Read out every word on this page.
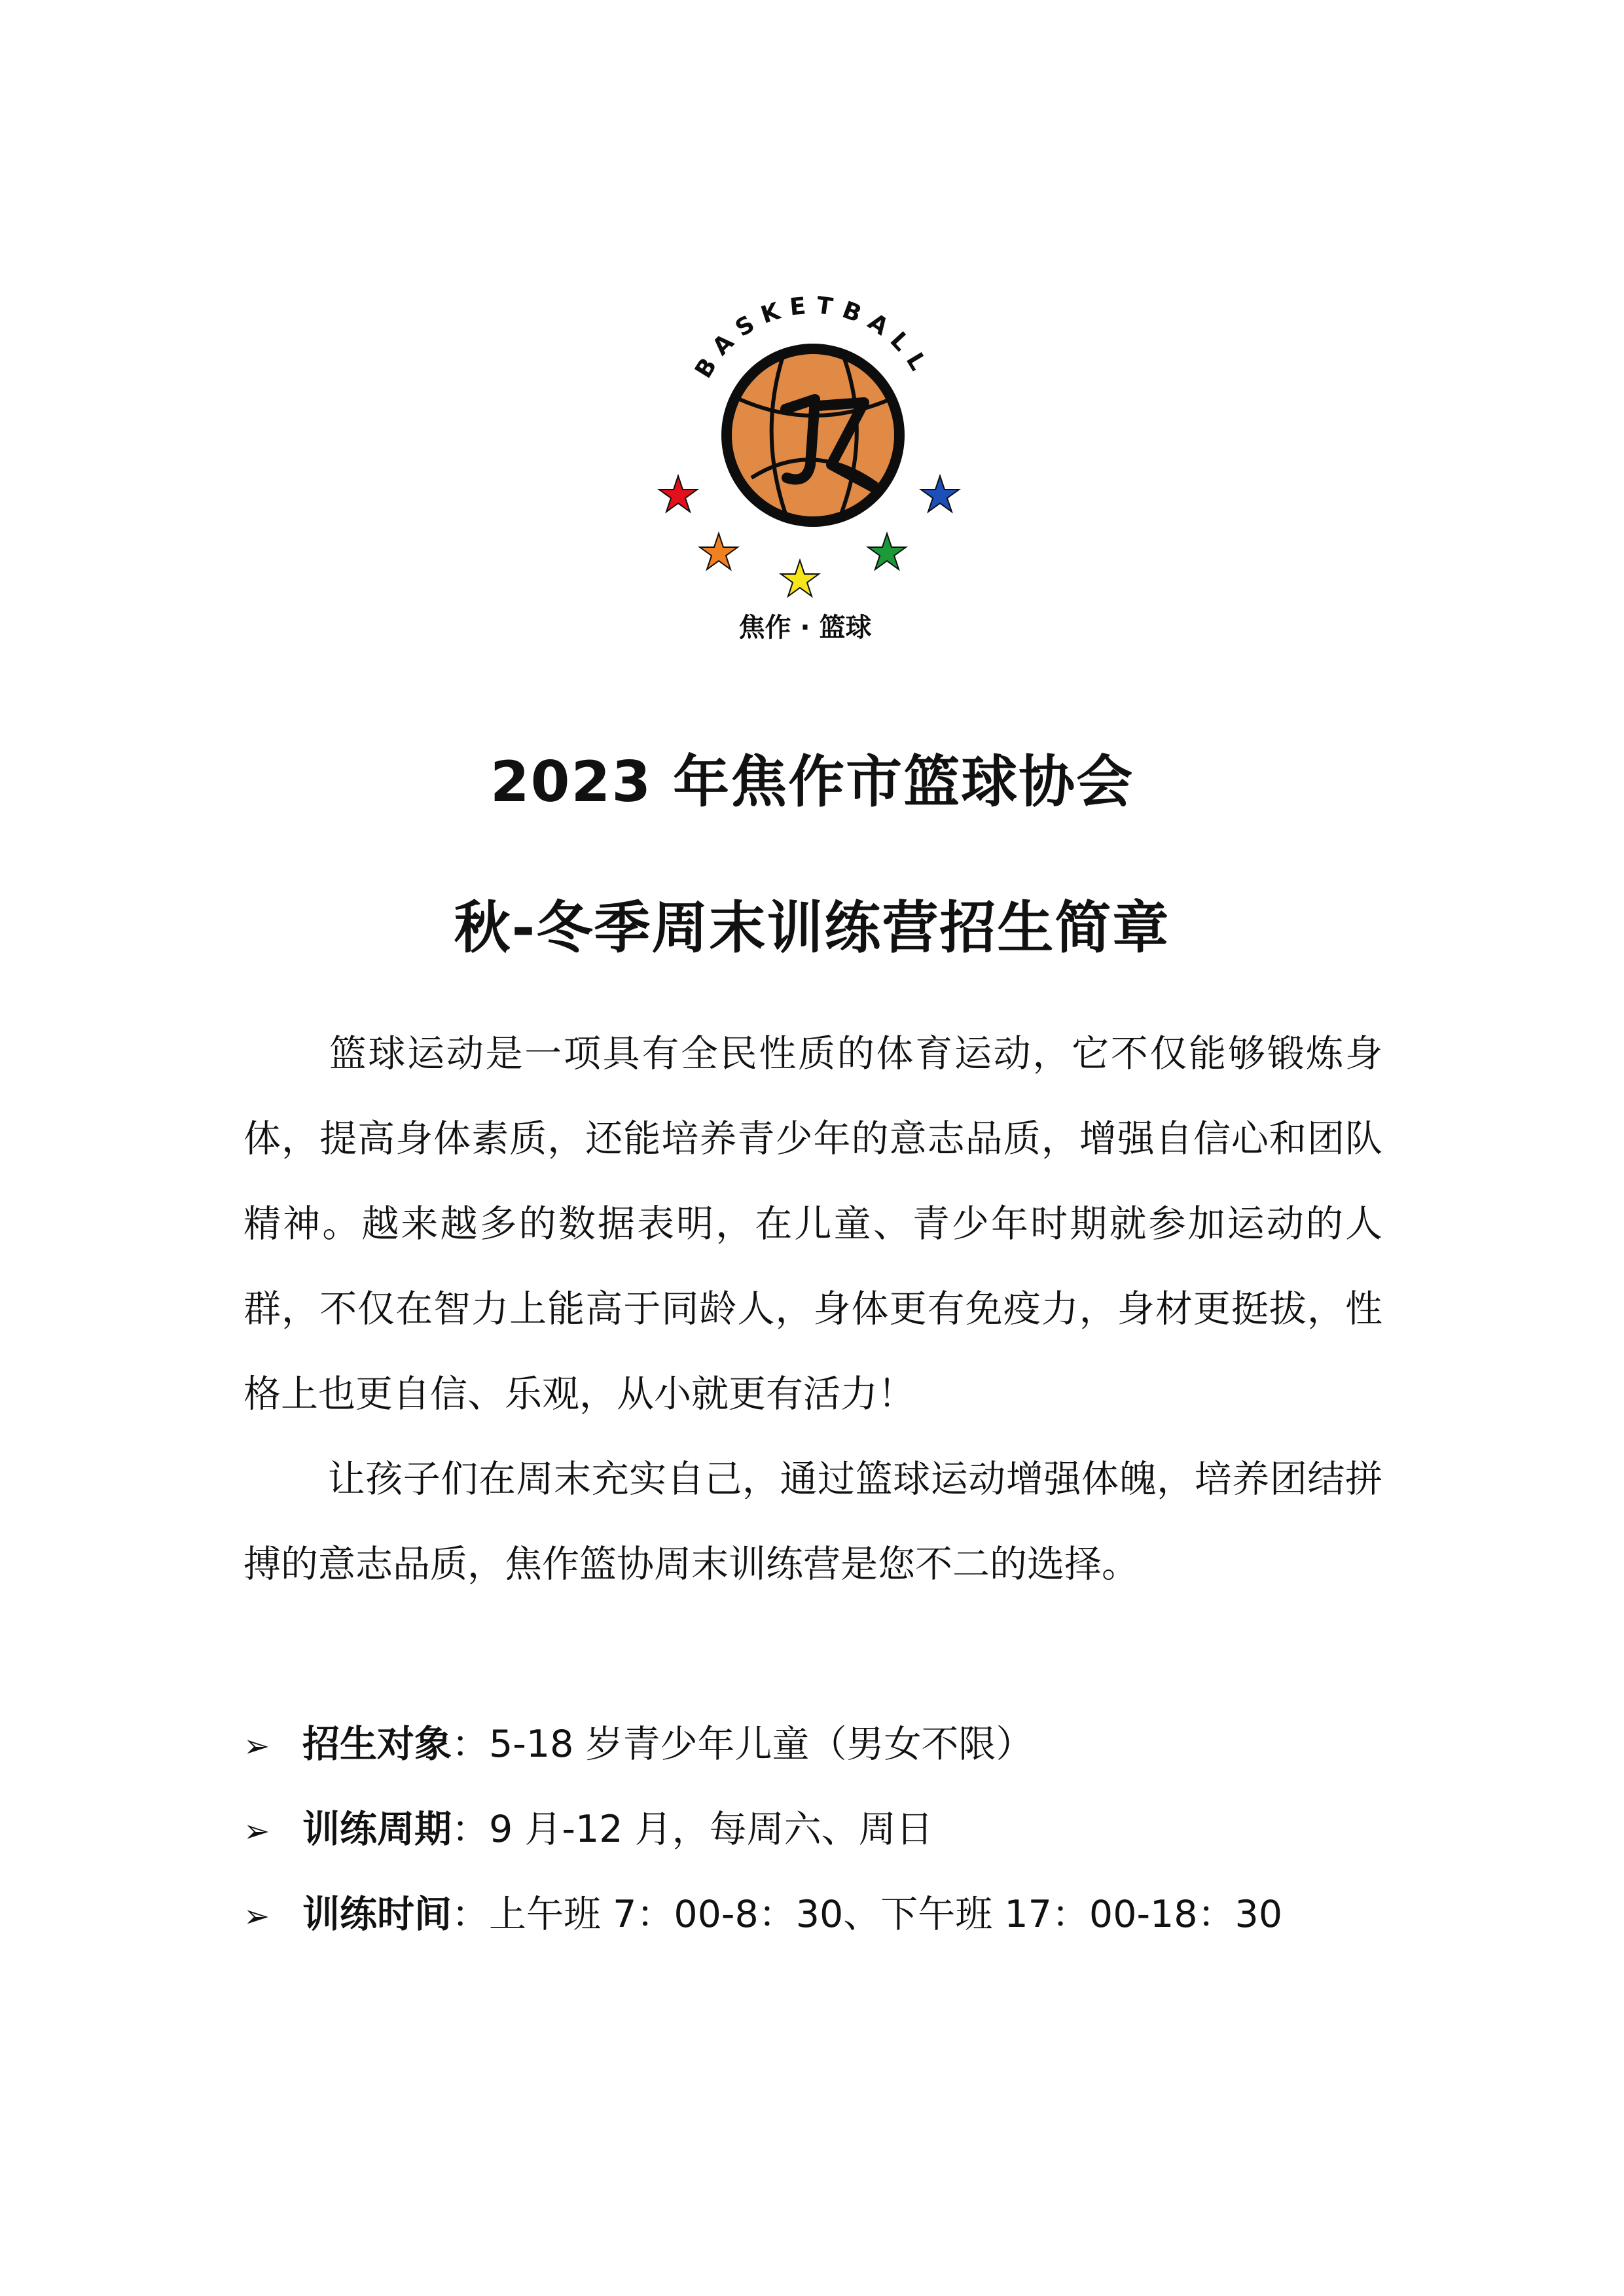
BASKETBALL
焦作 · 篮球
2023 年焦作市篮球协会
秋-冬季周末训练营招生简章

篮球运动是一项具有全民性质的体育运动，它不仅能够锻炼身体，提高身体素质，还能培养青少年的意志品质，增强自信心和团队精神。越来越多的数据表明，在儿童、青少年时期就参加运动的人群，不仅在智力上能高于同龄人，身体更有免疫力，身材更挺拔，性格上也更自信、乐观，从小就更有活力！

让孩子们在周末充实自己，通过篮球运动增强体魄，培养团结拼搏的意志品质，焦作篮协周末训练营是您不二的选择。

➢ 招生对象：5-18 岁青少年儿童（男女不限）
➢ 训练周期：9 月-12 月，每周六、周日
➢ 训练时间：上午班 7：00-8：30、下午班 17：00-18：30
